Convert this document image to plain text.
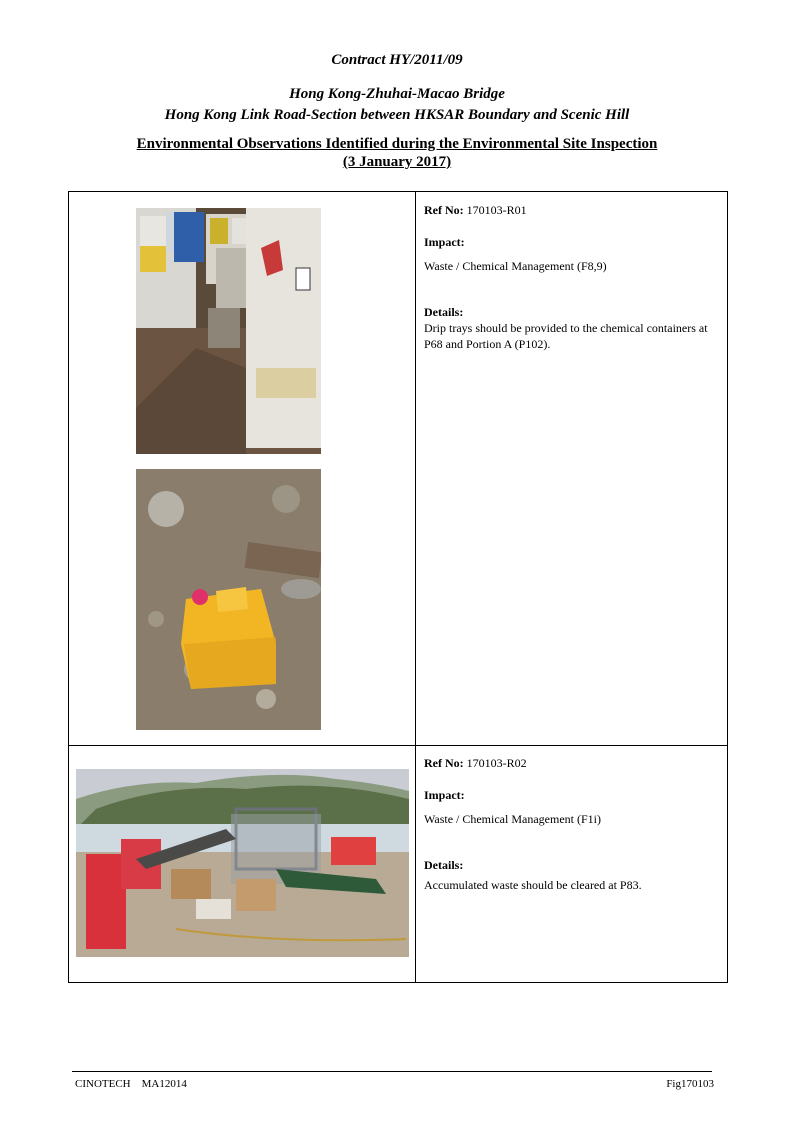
Contract HY/2011/09
Hong Kong-Zhuhai-Macao Bridge
Hong Kong Link Road-Section between HKSAR Boundary and Scenic Hill
Environmental Observations Identified during the Environmental Site Inspection
(3 January 2017)
Ref No: 170103-R01
Impact:
Waste / Chemical Management (F8,9)
Details:
Drip trays should be provided to the chemical containers at P68 and Portion A (P102).
Ref No: 170103-R02
Impact:
Waste / Chemical Management (F1i)
Details:
Accumulated waste should be cleared at P83.
CINOTECH MA12014	Fig170103
